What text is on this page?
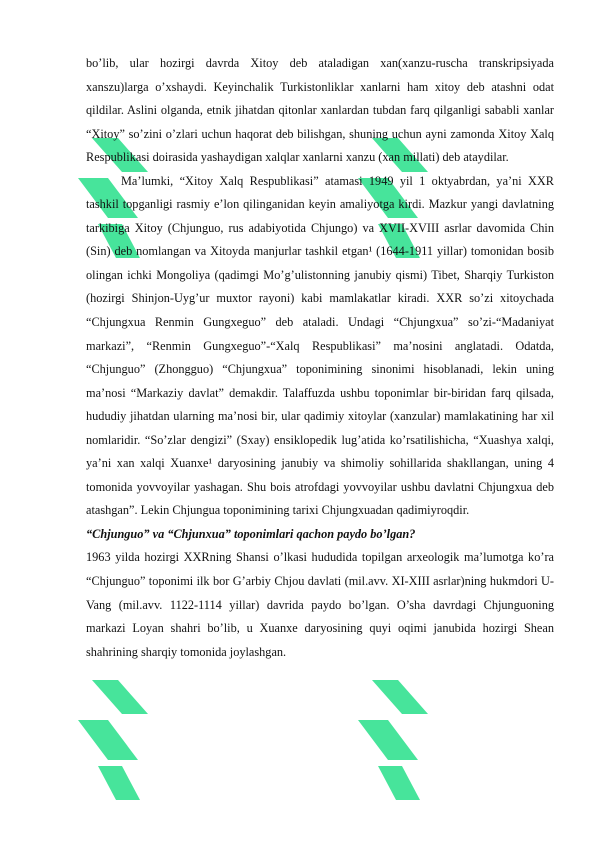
bo’lib, ular hozirgi davrda Xitoy deb ataladigan xan(xanzu-ruscha transkripsiyada xanszu)larga o’xshaydi. Keyinchalik Turkistonliklar xanlarni ham xitoy deb atashni odat qildilar. Aslini olganda, etnik jihatdan qitonlar xanlardan tubdan farq qilganligi sababli xanlar “Xitoy” so’zini o’zlari uchun haqorat deb bilishgan, shuning uchun ayni zamonda Xitoy Xalq Respublikasi doirasida yashaydigan xalqlar xanlarni xanzu (xan millati) deb ataydilar.

Ma’lumki, “Xitoy Xalq Respublikasi” atamasi 1949 yil 1 oktyabrdan, ya’ni XXR tashkil topganligi rasmiy e’lon qilinganidan keyin amaliyotga kirdi. Mazkur yangi davlatning tarkibiga Xitoy (Chjunguo, rus adabiyotida Chjungo) va XVII-XVIII asrlar davomida Chin (Sin) deb nomlangan va Xitoyda manjurlar tashkil etgan¹ (1644-1911 yillar) tomonidan bosib olingan ichki Mongoliya (qadimgi Mo’g’ulistonning janubiy qismi) Tibet, Sharqiy Turkiston (hozirgi Shinjon-Uyg’ur muxtor rayoni) kabi mamlakatlar kiradi. XXR so’zi xitoychada “Chjungxua Renmin Gungxeguo” deb ataladi. Undagi “Chjungxua” so’zi-“Madaniyat markazi”, “Renmin Gungxeguo”-“Xalq Respublikasi” ma’nosini anglatadi. Odatda, “Chjunguo” (Zhongguo) “Chjungxua” toponimining sinonimi hisoblanadi, lekin uning ma’nosi “Markaziy davlat” demakdir. Talaffuzda ushbu toponimlar bir-biridan farq qilsada, hududiy jihatdan ularning ma’nosi bir, ular qadimiy xitoylar (xanzular) mamlakatining har xil nomlaridir. “So’zlar dengizi” (Sxay) ensiklopedik lug’atida ko’rsatilishicha, “Xuashya xalqi, ya’ni xan xalqi Xuanxe¹ daryosining janubiy va shimoliy sohillarida shakllangan, uning 4 tomonida yovvoyilar yashagan. Shu bois atrofdagi yovvoyilar ushbu davlatni Chjungxua deb atashgan”. Lekin Chjungua toponimining tarixi Chjungxuadan qadimiyroqdir.

“Chjunguo” va “Chjunxua” toponimlari qachon paydo bo’lgan?

1963 yilda hozirgi XXRning Shansi o’lkasi hududida topilgan arxeologik ma’lumotga ko’ra “Chjunguo” toponimi ilk bor G’arbiy Chjou davlati (mil.avv. XI-XIII asrlar)ning hukmdori U-Vang (mil.avv. 1122-1114 yillar) davrida paydo bo’lgan. O’sha davrdagi Chjunguoning markazi Loyan shahri bo’lib, u Xuanxe daryosining quyi oqimi janubida hozirgi Shean shahrining sharqiy tomonida joylashgan.
